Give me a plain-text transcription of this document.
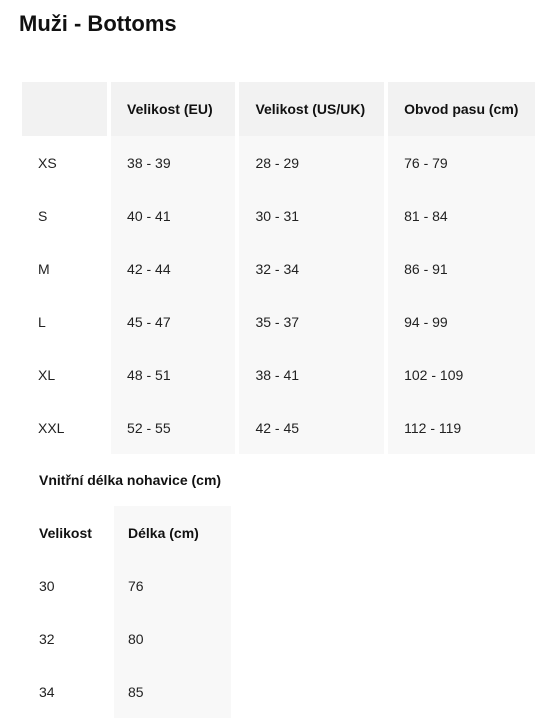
Muži - Bottoms
	Velikost (EU)	Velikost (US/UK)	Obvod pasu (cm)
XS	38 - 39	28 - 29	76 - 79
S	40 - 41	30 - 31	81 - 84
M	42 - 44	32 - 34	86 - 91
L	45 - 47	35 - 37	94 - 99
XL	48 - 51	38 - 41	102 - 109
XXL	52 - 55	42 - 45	112 - 119
Vnitřní délka nohavice (cm)
Velikost	Délka (cm)
30	76
32	80
34	85
